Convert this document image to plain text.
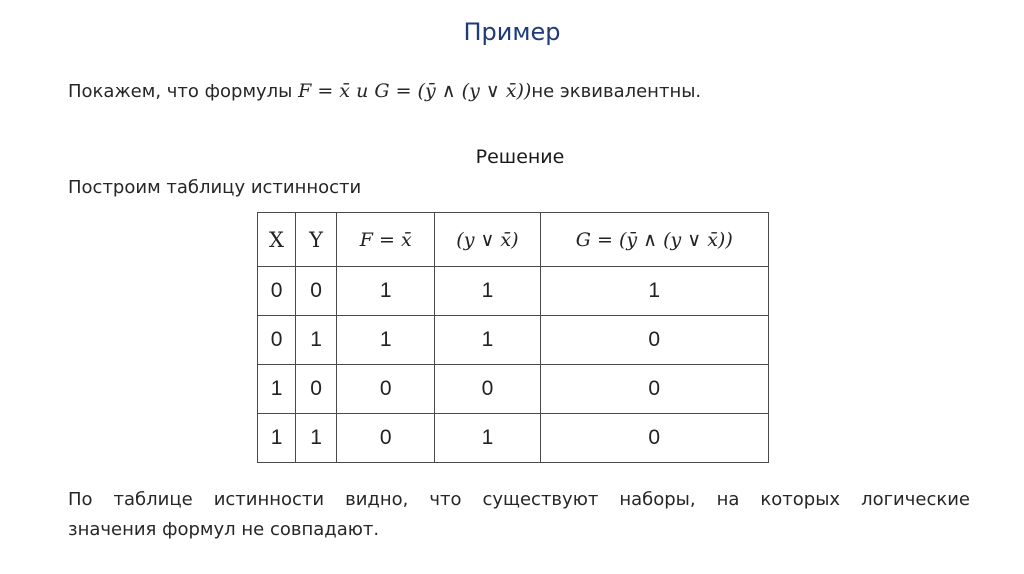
Пример
Покажем, что формулы F = x̄ и G = (ȳ ∧ (y ∨ x̄))не эквивалентны.
Решение
Построим таблицу истинности
X	Y	F = x̄	(y ∨ x̄)	G = (ȳ ∧ (y ∨ x̄))
0	0	1	1	1
0	1	1	1	0
1	0	0	0	0
1	1	0	1	0
По таблице истинности видно, что существуют наборы, на которых логические
значения формул не совпадают.
